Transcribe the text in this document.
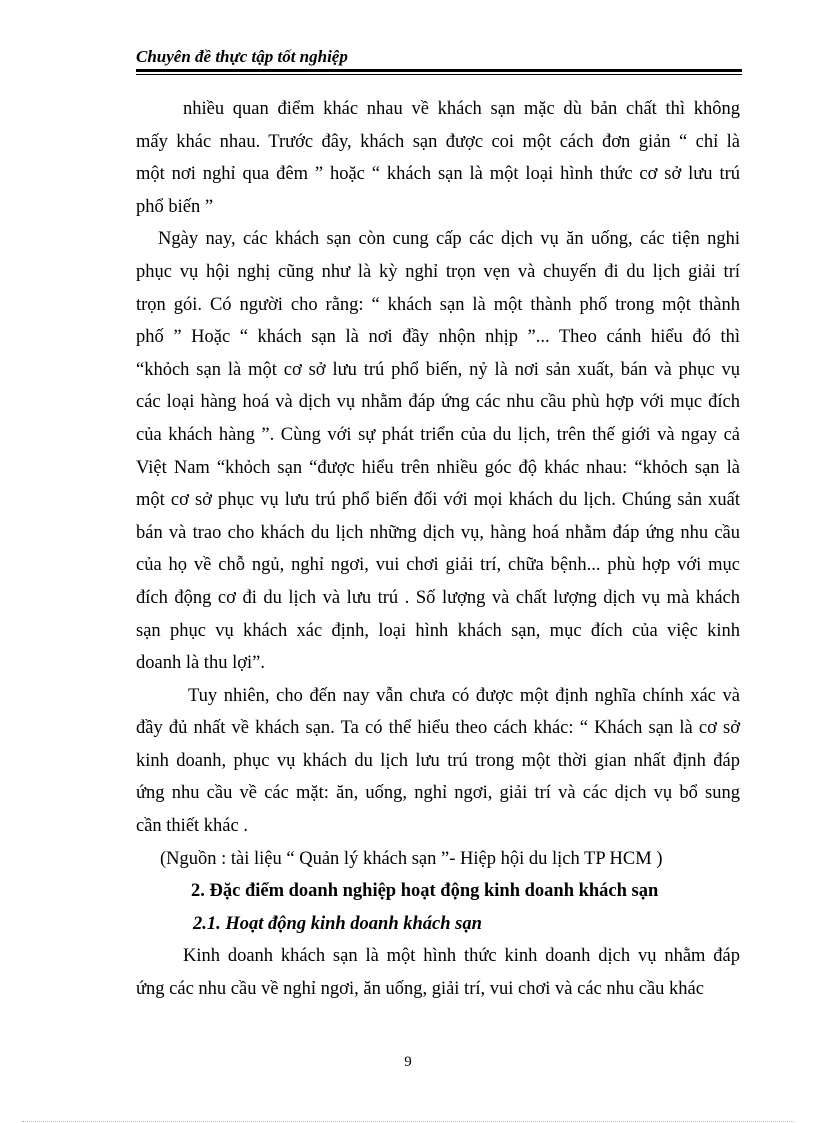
Chuyên đề thực tập tốt nghiệp
nhiều quan điểm khác nhau về khách sạn mặc dù bản chất thì không
mấy khác nhau. Trước đây, khách sạn được coi một cách đơn giản “ chỉ là
một nơi nghỉ qua đêm ” hoặc “ khách sạn là một loại hình thức cơ sở lưu trú
phổ biến ”
Ngày nay, các khách sạn còn cung cấp các dịch vụ ăn uống, các tiện nghi
phục vụ hội nghị cũng như là kỳ nghỉ trọn vẹn và chuyến đi du lịch giải trí
trọn gói. Có người cho rằng: “ khách sạn là một thành phố trong một thành
phố ” Hoặc “ khách sạn là nơi đầy nhộn nhịp ”... Theo cánh hiểu đó thì
“khỏch sạn là một cơ sở lưu trú phổ biến, nỷ là nơi sản xuất, bán và phục vụ
các loại hàng hoá và dịch vụ nhằm đáp ứng các nhu cầu phù hợp với mục đích
của khách hàng ”. Cùng với sự phát triển của du lịch, trên thế giới và ngay cả
Việt Nam “khỏch sạn “được hiểu trên nhiều góc độ khác nhau: “khỏch sạn là
một cơ sở phục vụ lưu trú phổ biến đối với mọi khách du lịch. Chúng sản xuất
bán và trao cho khách du lịch những dịch vụ, hàng hoá nhằm đáp ứng nhu cầu
của họ về chỗ ngủ, nghỉ ngơi, vui chơi giải trí, chữa bệnh... phù hợp với mục
đích động cơ đi du lịch và lưu trú . Số lượng và chất lượng dịch vụ mà khách
sạn phục vụ khách xác định, loại hình khách sạn, mục đích của việc kinh
doanh là thu lợi”.
Tuy nhiên, cho đến nay vẫn chưa có được một định nghĩa chính xác và
đầy đủ nhất về khách sạn. Ta có thể hiểu theo cách khác: “ Khách sạn là cơ sở
kinh doanh, phục vụ khách du lịch lưu trú trong một thời gian nhất định đáp
ứng nhu cầu về các mặt: ăn, uống, nghỉ ngơi, giải trí và các dịch vụ bổ sung
cần thiết khác .
(Nguồn : tài liệu “ Quản lý khách sạn ”- Hiệp hội du lịch TP HCM )
2. Đặc điểm doanh nghiệp hoạt động kinh doanh khách sạn
2.1. Hoạt động kinh doanh khách sạn
Kinh doanh khách sạn là một hình thức kinh doanh dịch vụ nhằm đáp
ứng các nhu cầu về nghỉ ngơi, ăn uống, giải trí, vui chơi và các nhu cầu khác
9
